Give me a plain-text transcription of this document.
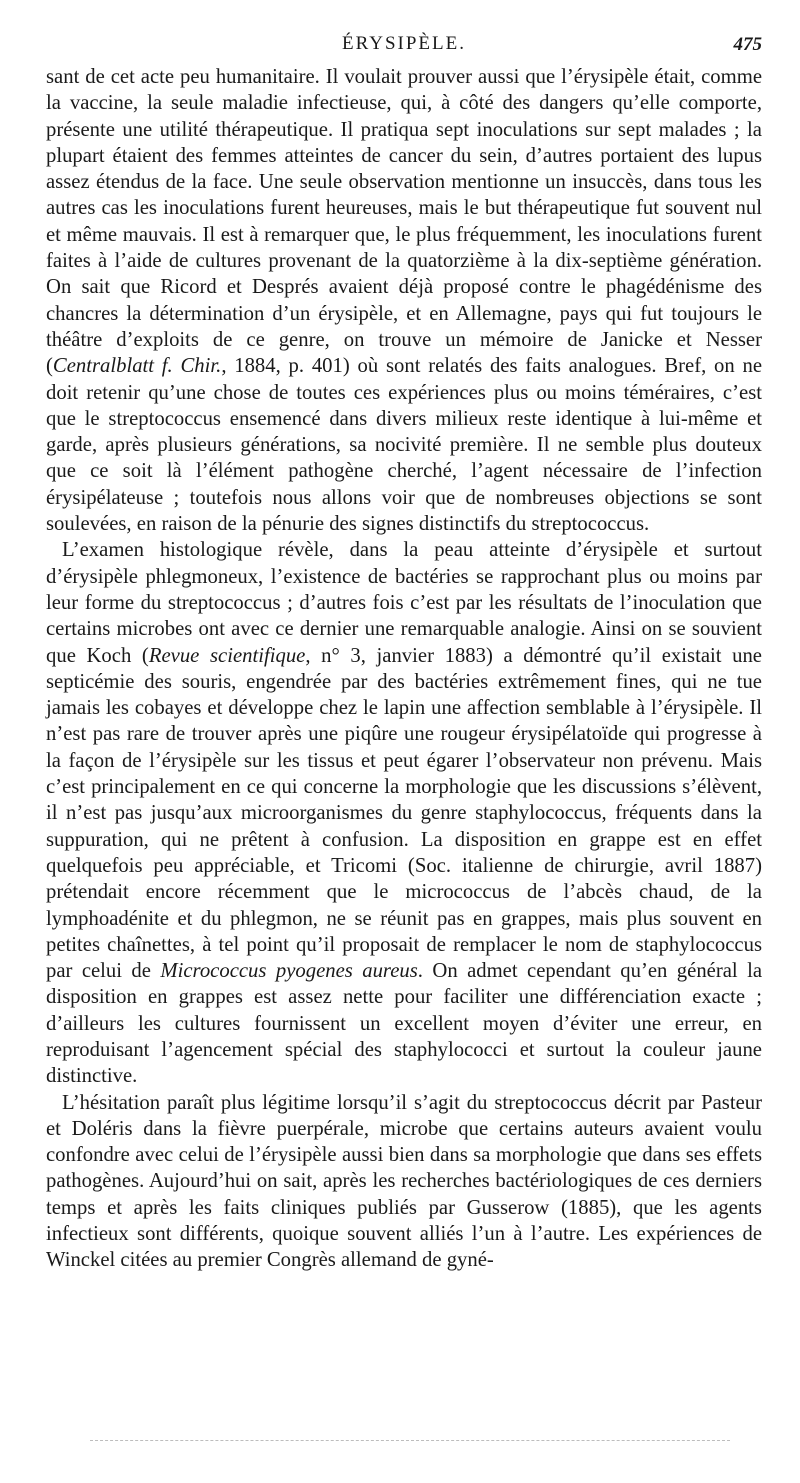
ÉRYSIPÈLE.	475

sant de cet acte peu humanitaire. Il voulait prouver aussi que l’érysipèle était, comme la vaccine, la seule maladie infectieuse, qui, à côté des dangers qu’elle comporte, présente une utilité thérapeutique. Il pratiqua sept inoculations sur sept malades ; la plupart étaient des femmes atteintes de cancer du sein, d’autres portaient des lupus assez étendus de la face. Une seule observation mentionne un insuccès, dans tous les autres cas les inoculations furent heureuses, mais le but thérapeutique fut souvent nul et même mauvais. Il est à remarquer que, le plus fréquemment, les inoculations furent faites à l’aide de cultures provenant de la quatorzième à la dix-septième génération. On sait que Ricord et Després avaient déjà proposé contre le phagédénisme des chancres la détermination d’un érysipèle, et en Allemagne, pays qui fut toujours le théâtre d’exploits de ce genre, on trouve un mémoire de Janicke et Nesser (Centralblatt f. Chir., 1884, p. 401) où sont relatés des faits analogues. Bref, on ne doit retenir qu’une chose de toutes ces expériences plus ou moins téméraires, c’est que le streptococcus ensemencé dans divers milieux reste identique à lui-même et garde, après plusieurs générations, sa nocivité première. Il ne semble plus douteux que ce soit là l’élément pathogène cherché, l’agent nécessaire de l’infection érysipélateuse ; toutefois nous allons voir que de nombreuses objections se sont soulevées, en raison de la pénurie des signes distinctifs du streptococcus.

L’examen histologique révèle, dans la peau atteinte d’érysipèle et surtout d’érysipèle phlegmoneux, l’existence de bactéries se rapprochant plus ou moins par leur forme du streptococcus ; d’autres fois c’est par les résultats de l’inoculation que certains microbes ont avec ce dernier une remarquable analogie. Ainsi on se souvient que Koch (Revue scientifique, n° 3, janvier 1883) a démontré qu’il existait une septicémie des souris, engendrée par des bactéries extrêmement fines, qui ne tue jamais les cobayes et développe chez le lapin une affection semblable à l’érysipèle. Il n’est pas rare de trouver après une piqûre une rougeur érysipélatoïde qui progresse à la façon de l’érysipèle sur les tissus et peut égarer l’observateur non prévenu. Mais c’est principalement en ce qui concerne la morphologie que les discussions s’élèvent, il n’est pas jusqu’aux microorganismes du genre staphylococcus, fréquents dans la suppuration, qui ne prêtent à confusion. La disposition en grappe est en effet quelquefois peu appréciable, et Tricomi (Soc. italienne de chirurgie, avril 1887) prétendait encore récemment que le micrococcus de l’abcès chaud, de la lymphoadénite et du phlegmon, ne se réunit pas en grappes, mais plus souvent en petites chaînettes, à tel point qu’il proposait de remplacer le nom de staphylococcus par celui de Micrococcus pyogenes aureus. On admet cependant qu’en général la disposition en grappes est assez nette pour faciliter une différenciation exacte ; d’ailleurs les cultures fournissent un excellent moyen d’éviter une erreur, en reproduisant l’agencement spécial des staphylococci et surtout la couleur jaune distinctive.

L’hésitation paraît plus légitime lorsqu’il s’agit du streptococcus décrit par Pasteur et Doléris dans la fièvre puerpérale, microbe que certains auteurs avaient voulu confondre avec celui de l’érysipèle aussi bien dans sa morphologie que dans ses effets pathogènes. Aujourd’hui on sait, après les recherches bactériologiques de ces derniers temps et après les faits cliniques publiés par Gusserow (1885), que les agents infectieux sont différents, quoique souvent alliés l’un à l’autre. Les expériences de Winckel citées au premier Congrès allemand de gyné-
